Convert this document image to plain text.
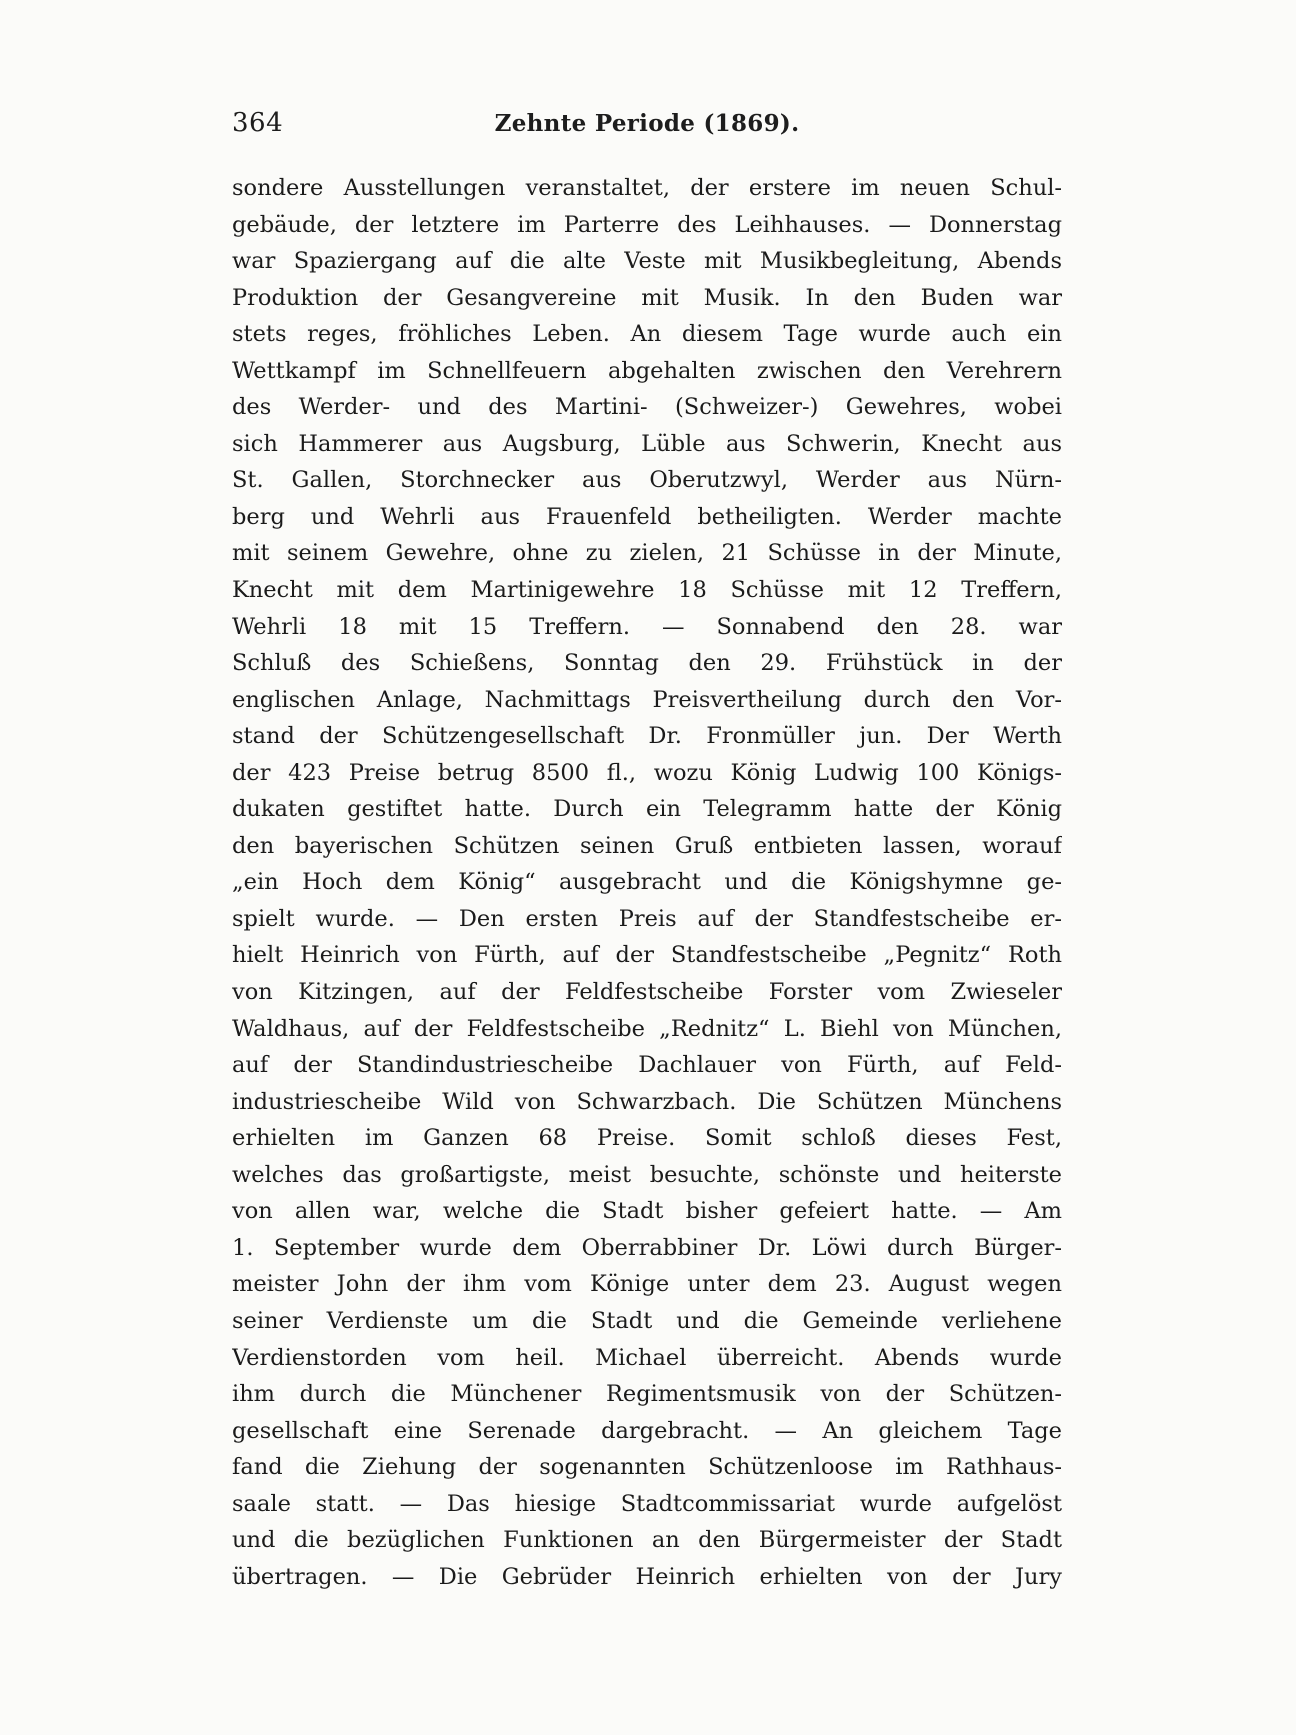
364	Zehnte Periode (1869).
sondere Ausstellungen veranstaltet, der erstere im neuen Schul-
gebäude, der letztere im Parterre des Leihhauses. — Donnerstag
war Spaziergang auf die alte Veste mit Musikbegleitung, Abends
Produktion der Gesangvereine mit Musik. In den Buden war
stets reges, fröhliches Leben. An diesem Tage wurde auch ein
Wettkampf im Schnellfeuern abgehalten zwischen den Verehrern
des Werder- und des Martini- (Schweizer-) Gewehres, wobei
sich Hammerer aus Augsburg, Lüble aus Schwerin, Knecht aus
St. Gallen, Storchnecker aus Oberutzwyl, Werder aus Nürn-
berg und Wehrli aus Frauenfeld betheiligten. Werder machte
mit seinem Gewehre, ohne zu zielen, 21 Schüsse in der Minute,
Knecht mit dem Martinigewehre 18 Schüsse mit 12 Treffern,
Wehrli 18 mit 15 Treffern. — Sonnabend den 28. war
Schluß des Schießens, Sonntag den 29. Frühstück in der
englischen Anlage, Nachmittags Preisvertheilung durch den Vor-
stand der Schützengesellschaft Dr. Fronmüller jun. Der Werth
der 423 Preise betrug 8500 fl., wozu König Ludwig 100 Königs-
dukaten gestiftet hatte. Durch ein Telegramm hatte der König
den bayerischen Schützen seinen Gruß entbieten lassen, worauf
„ein Hoch dem König“ ausgebracht und die Königshymne ge-
spielt wurde. — Den ersten Preis auf der Standfestscheibe er-
hielt Heinrich von Fürth, auf der Standfestscheibe „Pegnitz“ Roth
von Kitzingen, auf der Feldfestscheibe Forster vom Zwieseler
Waldhaus, auf der Feldfestscheibe „Rednitz“ L. Biehl von München,
auf der Standindustriescheibe Dachlauer von Fürth, auf Feld-
industriescheibe Wild von Schwarzbach. Die Schützen Münchens
erhielten im Ganzen 68 Preise. Somit schloß dieses Fest,
welches das großartigste, meist besuchte, schönste und heiterste
von allen war, welche die Stadt bisher gefeiert hatte. — Am
1. September wurde dem Oberrabbiner Dr. Löwi durch Bürger-
meister John der ihm vom Könige unter dem 23. August wegen
seiner Verdienste um die Stadt und die Gemeinde verliehene
Verdienstorden vom heil. Michael überreicht. Abends wurde
ihm durch die Münchener Regimentsmusik von der Schützen-
gesellschaft eine Serenade dargebracht. — An gleichem Tage
fand die Ziehung der sogenannten Schützenloose im Rathhaus-
saale statt. — Das hiesige Stadtcommissariat wurde aufgelöst
und die bezüglichen Funktionen an den Bürgermeister der Stadt
übertragen. — Die Gebrüder Heinrich erhielten von der Jury
